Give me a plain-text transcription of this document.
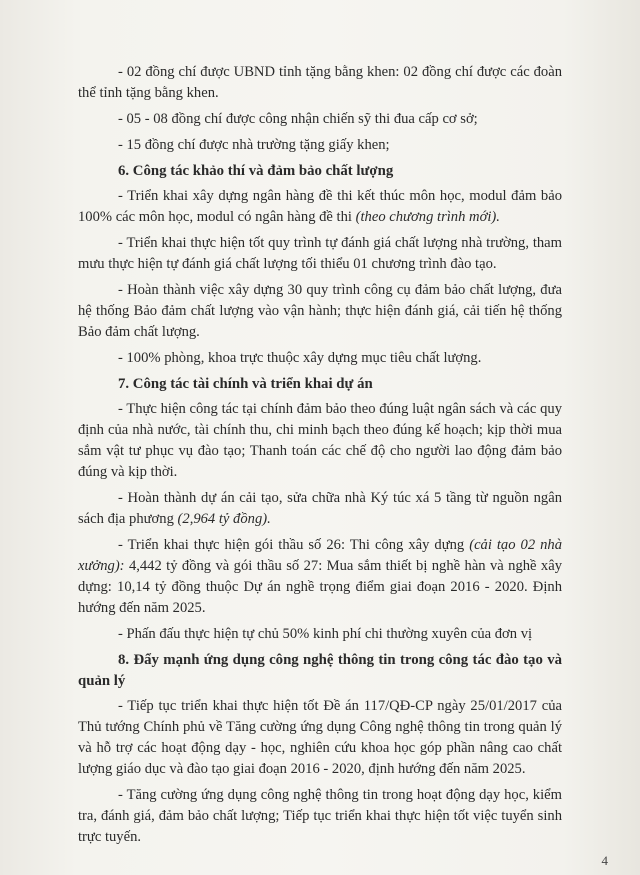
- 02 đồng chí được UBND tỉnh tặng bằng khen: 02 đồng chí được các đoàn thể tỉnh tặng bằng khen.

- 05 - 08 đồng chí được công nhận chiến sỹ thi đua cấp cơ sở;

- 15 đồng chí được nhà trường tặng giấy khen;

6. Công tác khảo thí và đảm bảo chất lượng

- Triển khai xây dựng ngân hàng đề thi kết thúc môn học, modul đảm bảo 100% các môn học, modul có ngân hàng đề thi (theo chương trình mới).

- Triển khai thực hiện tốt quy trình tự đánh giá chất lượng nhà trường, tham mưu thực hiện tự đánh giá chất lượng tối thiểu 01 chương trình đào tạo.

- Hoàn thành việc xây dựng 30 quy trình công cụ đảm bảo chất lượng, đưa hệ thống Bảo đảm chất lượng vào vận hành; thực hiện đánh giá, cải tiến hệ thống Bảo đảm chất lượng.

- 100% phòng, khoa trực thuộc xây dựng mục tiêu chất lượng.

7. Công tác tài chính và triển khai dự án

- Thực hiện công tác tại chính đảm bảo theo đúng luật ngân sách và các quy định của nhà nước, tài chính thu, chi minh bạch theo đúng kế hoạch; kịp thời mua sắm vật tư phục vụ đào tạo; Thanh toán các chế độ cho người lao động đảm bảo đúng và kịp thời.

- Hoàn thành dự án cải tạo, sửa chữa nhà Ký túc xá 5 tầng từ nguồn ngân sách địa phương (2,964 tỷ đồng).

- Triển khai thực hiện gói thầu số 26: Thi công xây dựng (cải tạo 02 nhà xưởng): 4,442 tỷ đồng và gói thầu số 27: Mua sắm thiết bị nghề hàn và nghề xây dựng: 10,14 tỷ đồng thuộc Dự án nghề trọng điểm giai đoạn 2016 - 2020. Định hướng đến năm 2025.

- Phấn đấu thực hiện tự chủ 50% kinh phí chi thường xuyên của đơn vị

8. Đẩy mạnh ứng dụng công nghệ thông tin trong công tác đào tạo và quản lý

- Tiếp tục triển khai thực hiện tốt Đề án 117/QĐ-CP ngày 25/01/2017 của Thủ tướng Chính phủ về Tăng cường ứng dụng Công nghệ thông tin trong quản lý và hỗ trợ các hoạt động dạy - học, nghiên cứu khoa học góp phần nâng cao chất lượng giáo dục và đào tạo giai đoạn 2016 - 2020, định hướng đến năm 2025.

- Tăng cường ứng dụng công nghệ thông tin trong hoạt động dạy học, kiểm tra, đánh giá, đảm bảo chất lượng; Tiếp tục triển khai thực hiện tốt việc tuyển sinh trực tuyến.

4
